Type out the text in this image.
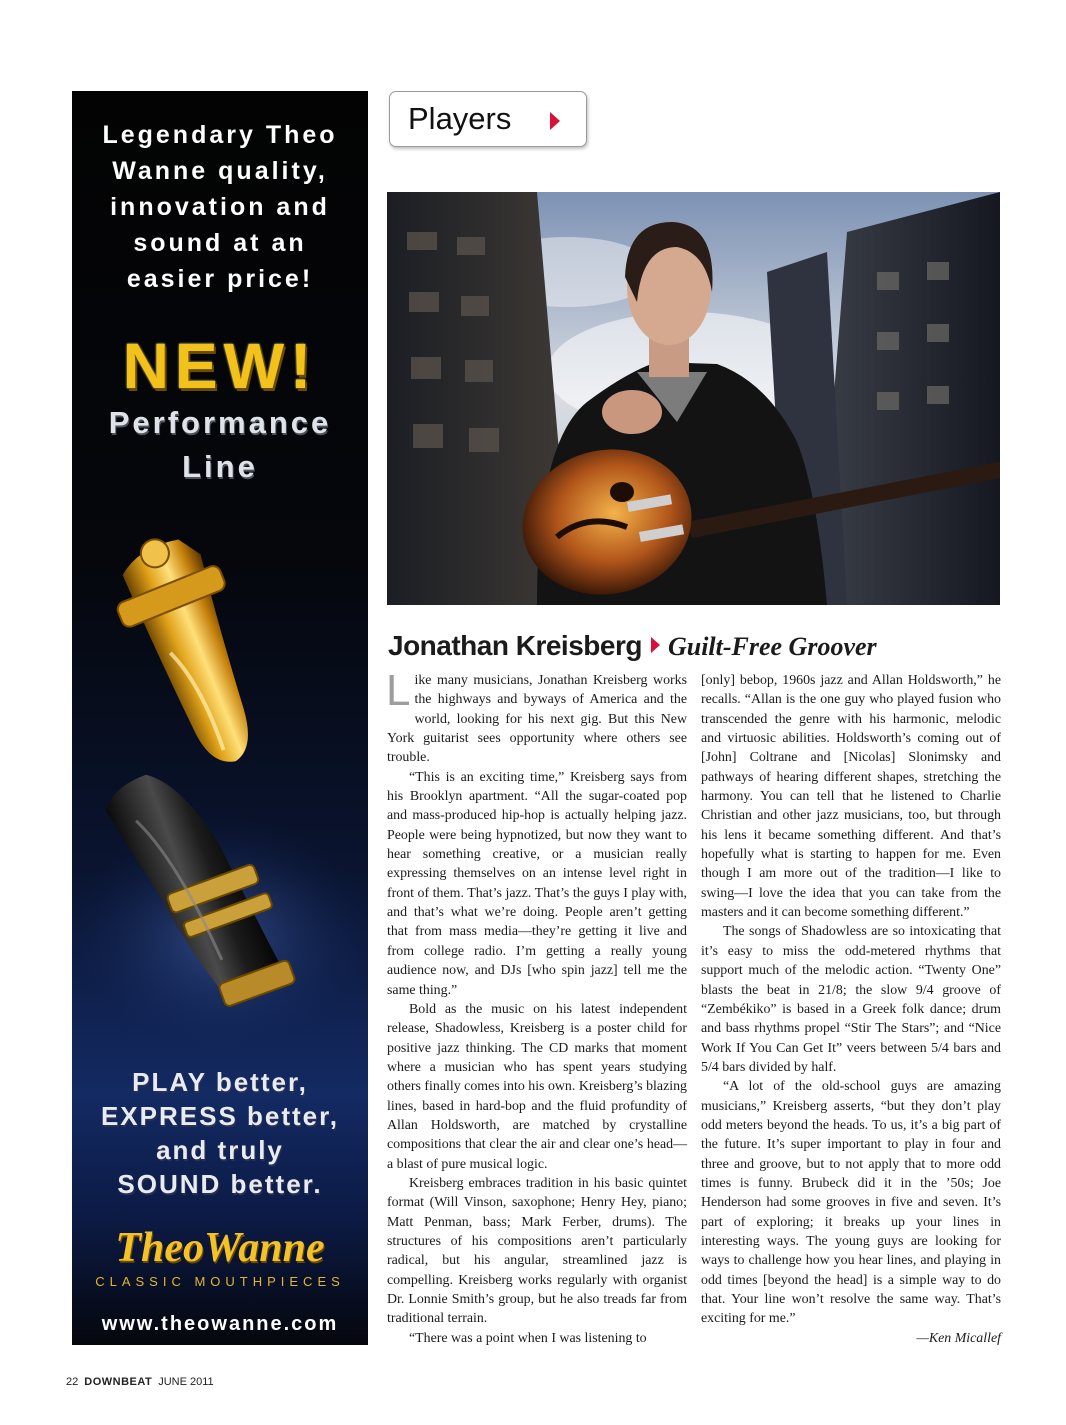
Legendary Theo
Wanne quality,
innovation and
sound at an
easier price!
NEW!
Performance
Line
PLAY better,
EXPRESS better,
and truly
SOUND better.
TheoWanne
CLASSIC MOUTHPIECES
www.theowanne.com
Players
Jonathan Kreisberg Guilt-Free Groover

Like many musicians, Jonathan Kreisberg works the highways and byways of America and the world, looking for his next gig. But this New York guitarist sees opportunity where others see trouble.

“This is an exciting time,” Kreisberg says from his Brooklyn apartment. “All the sugar-coated pop and mass-produced hip-hop is actually helping jazz. People were being hypnotized, but now they want to hear something creative, or a musician really expressing themselves on an intense level right in front of them. That’s jazz. That’s the guys I play with, and that’s what we’re doing. People aren’t getting that from mass media—they’re getting it live and from college radio. I’m getting a really young audience now, and DJs [who spin jazz] tell me the same thing.”

Bold as the music on his latest independent release, Shadowless, Kreisberg is a poster child for positive jazz thinking. The CD marks that moment where a musician who has spent years studying others finally comes into his own. Kreisberg’s blazing lines, based in hard-bop and the fluid profundity of Allan Holdsworth, are matched by crystalline compositions that clear the air and clear one’s head—a blast of pure musical logic.

Kreisberg embraces tradition in his basic quintet format (Will Vinson, saxophone; Henry Hey, piano; Matt Penman, bass; Mark Ferber, drums). The structures of his compositions aren’t particularly radical, but his angular, streamlined jazz is compelling. Kreisberg works regularly with organist Dr. Lonnie Smith’s group, but he also treads far from traditional terrain.

“There was a point when I was listening to

[only] bebop, 1960s jazz and Allan Holdsworth,” he recalls. “Allan is the one guy who played fusion who transcended the genre with his harmonic, melodic and virtuosic abilities. Holdsworth’s coming out of [John] Coltrane and [Nicolas] Slonimsky and pathways of hearing different shapes, stretching the harmony. You can tell that he listened to Charlie Christian and other jazz musicians, too, but through his lens it became something different. And that’s hopefully what is starting to happen for me. Even though I am more out of the tradition—I like to swing—I love the idea that you can take from the masters and it can become something different.”

The songs of Shadowless are so intoxicating that it’s easy to miss the odd-metered rhythms that support much of the melodic action. “Twenty One” blasts the beat in 21/8; the slow 9/4 groove of “Zembékiko” is based in a Greek folk dance; drum and bass rhythms propel “Stir The Stars”; and “Nice Work If You Can Get It” veers between 5/4 bars and 5/4 bars divided by half.

“A lot of the old-school guys are amazing musicians,” Kreisberg asserts, “but they don’t play odd meters beyond the heads. To us, it’s a big part of the future. It’s super important to play in four and three and groove, but to not apply that to more odd times is funny. Brubeck did it in the ’50s; Joe Henderson had some grooves in five and seven. It’s part of exploring; it breaks up your lines in interesting ways. The young guys are looking for ways to challenge how you hear lines, and playing in odd times [beyond the head] is a simple way to do that. Your line won’t resolve the same way. That’s exciting for me.”

—Ken Micallef

22 DOWNBEAT JUNE 2011
